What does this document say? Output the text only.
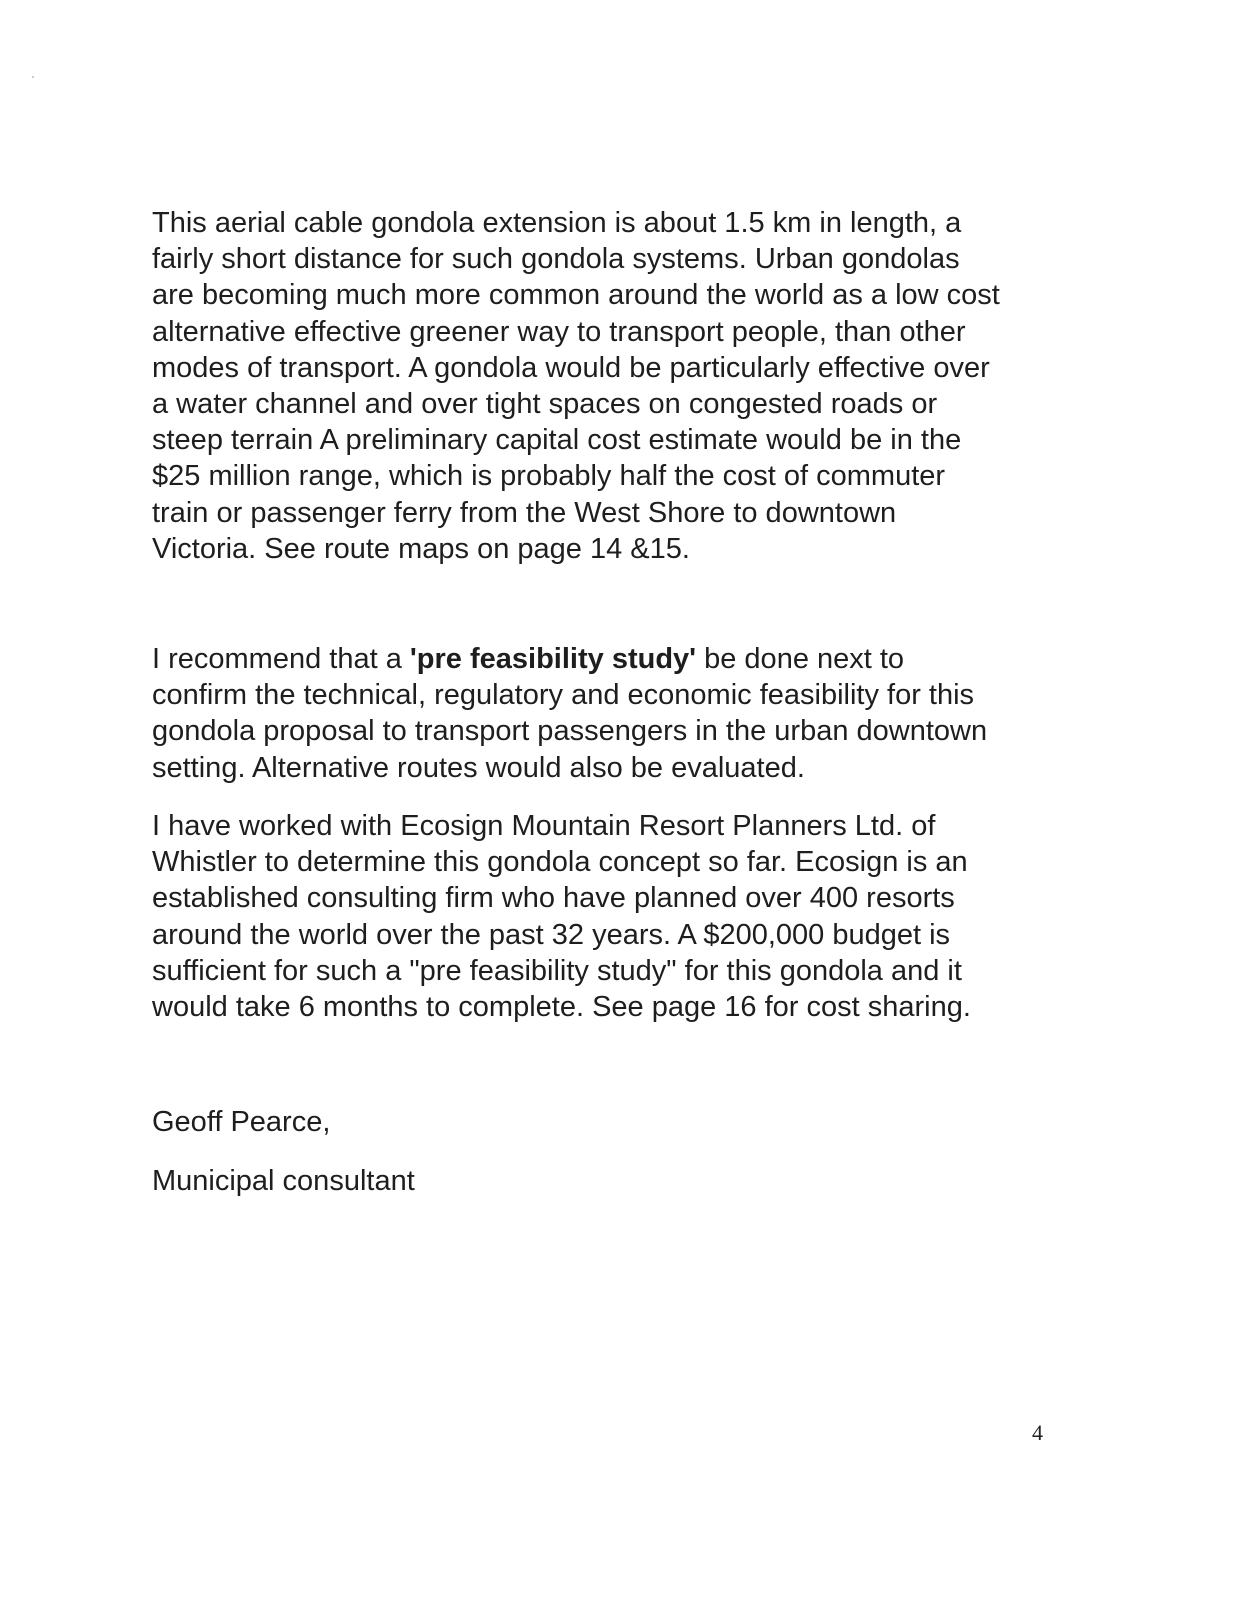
This aerial cable gondola extension is about 1.5 km in length, a
fairly short distance for such gondola systems. Urban gondolas
are becoming much more common around the world as a low cost
alternative effective greener way to transport people, than other
modes of transport. A gondola would be particularly effective over
a water channel and over tight spaces on congested roads or
steep terrain A preliminary capital cost estimate would be in the
$25 million range, which is probably half the cost of commuter
train or passenger ferry from the West Shore to downtown
Victoria. See route maps on page 14 &15.

I recommend that a 'pre feasibility study' be done next to
confirm the technical, regulatory and economic feasibility for this
gondola proposal to transport passengers in the urban downtown
setting. Alternative routes would also be evaluated.

I have worked with Ecosign Mountain Resort Planners Ltd. of
Whistler to determine this gondola concept so far. Ecosign is an
established consulting firm who have planned over 400 resorts
around the world over the past 32 years. A $200,000 budget is
sufficient for such a "pre feasibility study" for this gondola and it
would take 6 months to complete. See page 16 for cost sharing.

Geoff Pearce,

Municipal consultant

4
